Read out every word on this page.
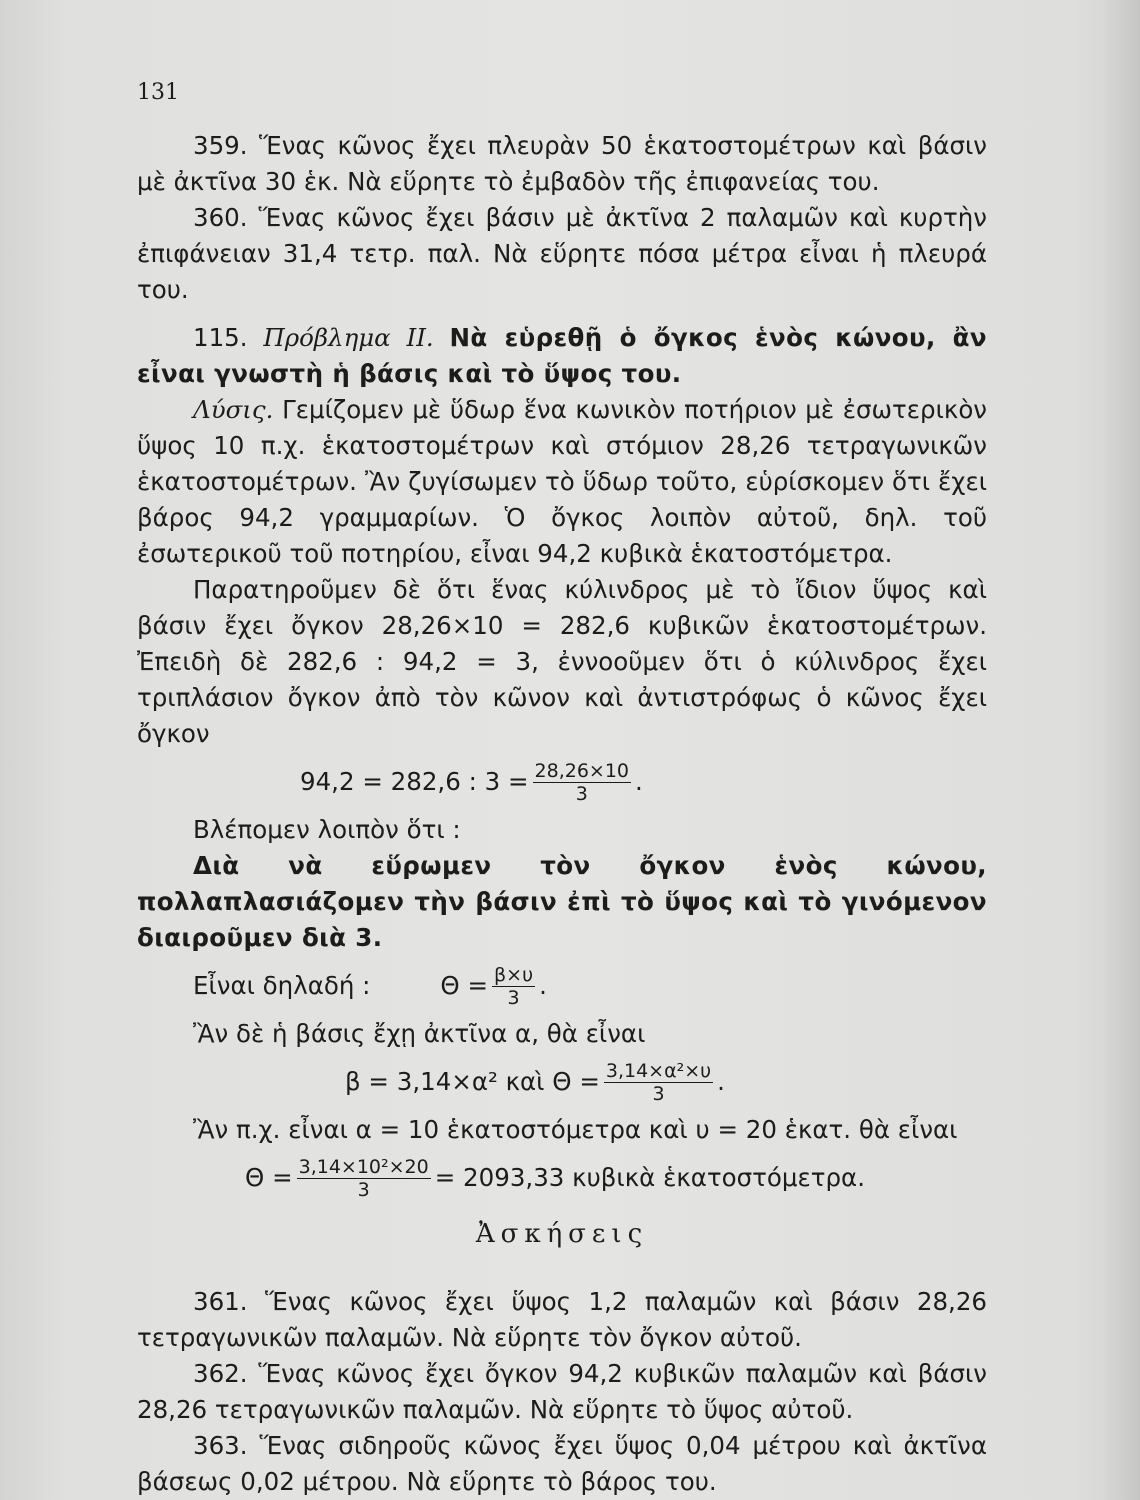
131

359. Ἕνας κῶνος ἔχει πλευρὰν 50 ἑκατοστομέτρων καὶ βάσιν μὲ ἀκτῖνα 30 ἑκ. Νὰ εὕρητε τὸ ἐμβαδὸν τῆς ἐπιφανείας του.

360. Ἕνας κῶνος ἔχει βάσιν μὲ ἀκτῖνα 2 παλαμῶν καὶ κυρτὴν ἐπιφάνειαν 31,4 τετρ. παλ. Νὰ εὕρητε πόσα μέτρα εἶναι ἡ πλευρά του.

115. Πρόβλημα ΙΙ. Νὰ εὑρεθῇ ὁ ὄγκος ἑνὸς κώνου, ἂν εἶναι γνωστὴ ἡ βάσις καὶ τὸ ὕψος του.

Λύσις. Γεμίζομεν μὲ ὕδωρ ἕνα κωνικὸν ποτήριον μὲ ἐσωτερικὸν ὕψος 10 π.χ. ἑκατοστομέτρων καὶ στόμιον 28,26 τετραγωνικῶν ἑκατοστομέτρων. Ἂν ζυγίσωμεν τὸ ὕδωρ τοῦτο, εὑρίσκομεν ὅτι ἔχει βάρος 94,2 γραμμαρίων. Ὁ ὄγκος λοιπὸν αὐτοῦ, δηλ. τοῦ ἐσωτερικοῦ τοῦ ποτηρίου, εἶναι 94,2 κυβικὰ ἑκατοστόμετρα.

Παρατηροῦμεν δὲ ὅτι ἕνας κύλινδρος μὲ τὸ ἴδιον ὕψος καὶ βάσιν ἔχει ὄγκον 28,26×10 = 282,6 κυβικῶν ἑκατοστομέτρων. Ἐπειδὴ δὲ 282,6 : 94,2 = 3, ἐννοοῦμεν ὅτι ὁ κύλινδρος ἔχει τριπλάσιον ὄγκον ἀπὸ τὸν κῶνον καὶ ἀντιστρόφως ὁ κῶνος ἔχει ὄγκον

94,2 = 282,6 : $3 = \frac{28,26\times 10}{3}$ .

Βλέπομεν λοιπὸν ὅτι :

Διὰ νὰ εὕρωμεν τὸν ὄγκον ἑνὸς κώνου, πολλαπλασιάζομεν τὴν βάσιν ἐπὶ τὸ ὕψος καὶ τὸ γινόμενον διαιροῦμεν διὰ 3.

Εἶναι δηλαδή :	$\Theta = \frac{\beta\times\upsilon}{3}$ .

Ἂν δὲ ἡ βάσις ἔχῃ ἀκτῖνα α, θὰ εἶναι

β = 3,14×α² καὶ $\Theta = \frac{\text{3,14×α²×υ}}{3}$ .

Ἂν π.χ. εἶναι α = 10 ἑκατοστόμετρα καὶ υ = 20 ἑκατ. θὰ εἶναι

$\Theta = \frac{\text{3,14×10²×20}}{3} = 2093,33$ κυβικὰ ἑκατοστόμετρα.
Ἀσκήσεις

361. Ἕνας κῶνος ἔχει ὕψος 1,2 παλαμῶν καὶ βάσιν 28,26 τετραγωνικῶν παλαμῶν. Νὰ εὕρητε τὸν ὄγκον αὐτοῦ.

362. Ἕνας κῶνος ἔχει ὄγκον 94,2 κυβικῶν παλαμῶν καὶ βάσιν 28,26 τετραγωνικῶν παλαμῶν. Νὰ εὕρητε τὸ ὕψος αὐτοῦ.

363. Ἕνας σιδηροῦς κῶνος ἔχει ὕψος 0,04 μέτρου καὶ ἀκτῖνα βάσεως 0,02 μέτρου. Νὰ εὕρητε τὸ βάρος του.
